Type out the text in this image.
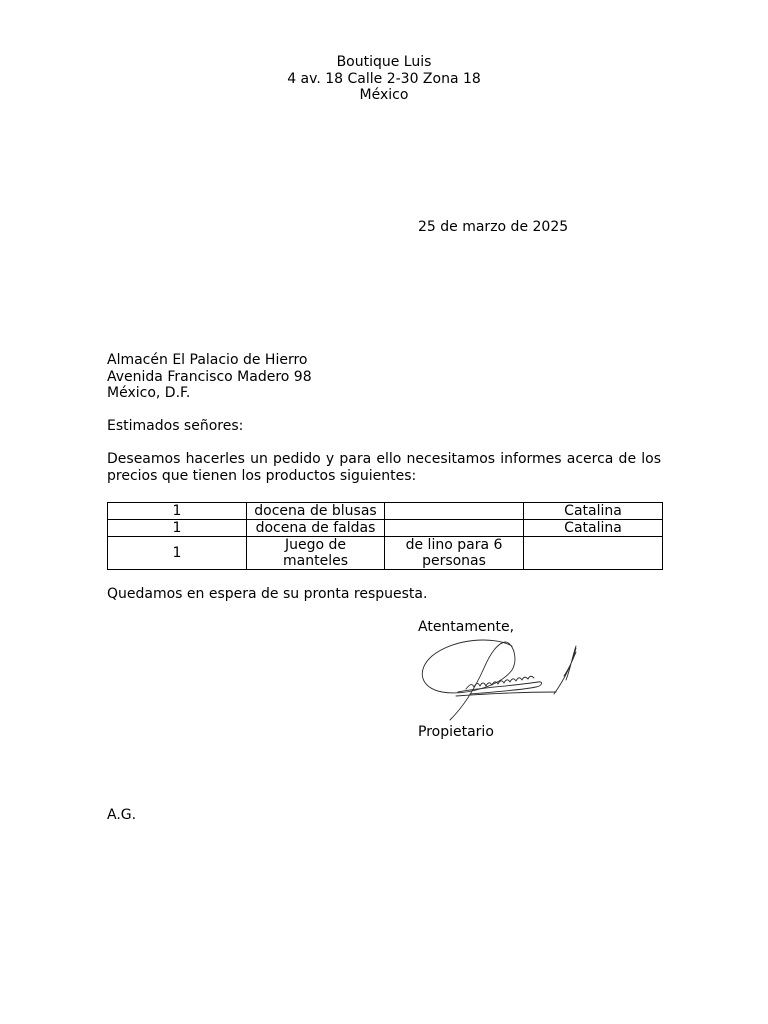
Boutique Luis
4 av. 18 Calle 2-30 Zona 18
México
25 de marzo de 2025
Almacén El Palacio de Hierro
Avenida Francisco Madero 98
México, D.F.
Estimados señores:
Deseamos hacerles un pedido y para ello necesitamos informes acerca de los precios que tienen los productos siguientes:
1	docena de blusas		Catalina
1	docena de faldas		Catalina
1	Juego de manteles	de lino para 6 personas	
Quedamos en espera de su pronta respuesta.
Atentamente,
Propietario
A.G.
